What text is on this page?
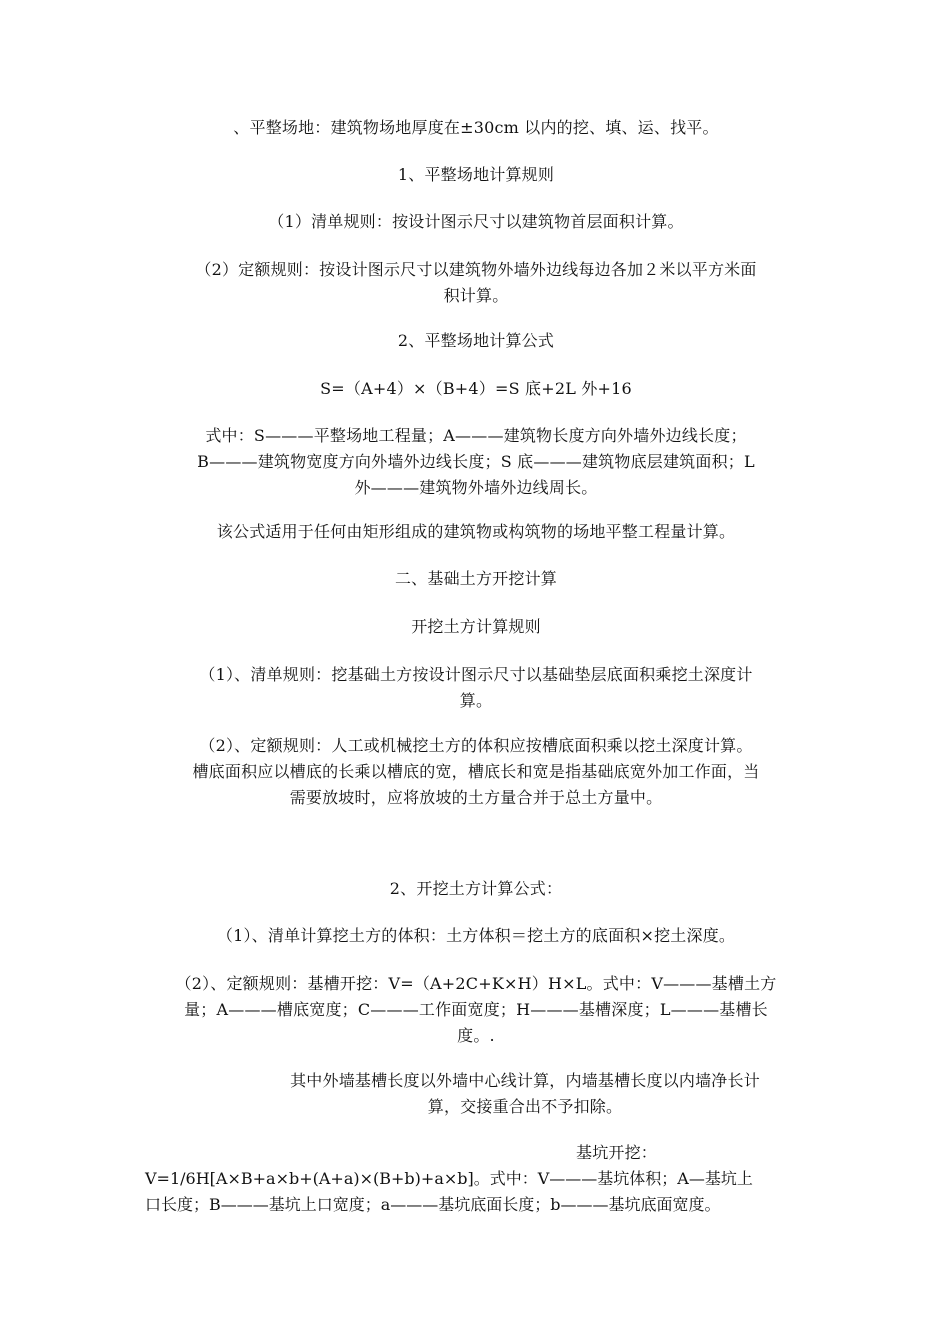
、平整场地：建筑物场地厚度在±30cm 以内的挖、填、运、找平。

1、平整场地计算规则

（1）清单规则：按设计图示尺寸以建筑物首层面积计算。

（2）定额规则：按设计图示尺寸以建筑物外墙外边线每边各加２米以平方米面
积计算。

2、平整场地计算公式

S=（A+4）×（B+4）=S 底+2L 外+16

式中：S———平整场地工程量；A———建筑物长度方向外墙外边线长度；
B———建筑物宽度方向外墙外边线长度；S 底———建筑物底层建筑面积；L
外———建筑物外墙外边线周长。

该公式适用于任何由矩形组成的建筑物或构筑物的场地平整工程量计算。

二、基础土方开挖计算

开挖土方计算规则

（1）、清单规则：挖基础土方按设计图示尺寸以基础垫层底面积乘挖土深度计
算。

（2）、定额规则：人工或机械挖土方的体积应按槽底面积乘以挖土深度计算。
槽底面积应以槽底的长乘以槽底的宽，槽底长和宽是指基础底宽外加工作面，当
需要放坡时，应将放坡的土方量合并于总土方量中。

2、开挖土方计算公式：

（1）、清单计算挖土方的体积：土方体积＝挖土方的底面积×挖土深度。

（2）、定额规则：基槽开挖：V=（A+2C+K×H）H×L。式中：V———基槽土方
量；A———槽底宽度；C———工作面宽度；H———基槽深度；L———基槽长
度。.

其中外墙基槽长度以外墙中心线计算，内墙基槽长度以内墙净长计
算，交接重合出不予扣除。

基坑开挖：
V=1/6H[A×B+a×b+(A+a)×(B+b)+a×b]。式中：V———基坑体积；A—基坑上
口长度；B———基坑上口宽度；a———基坑底面长度；b———基坑底面宽度。
